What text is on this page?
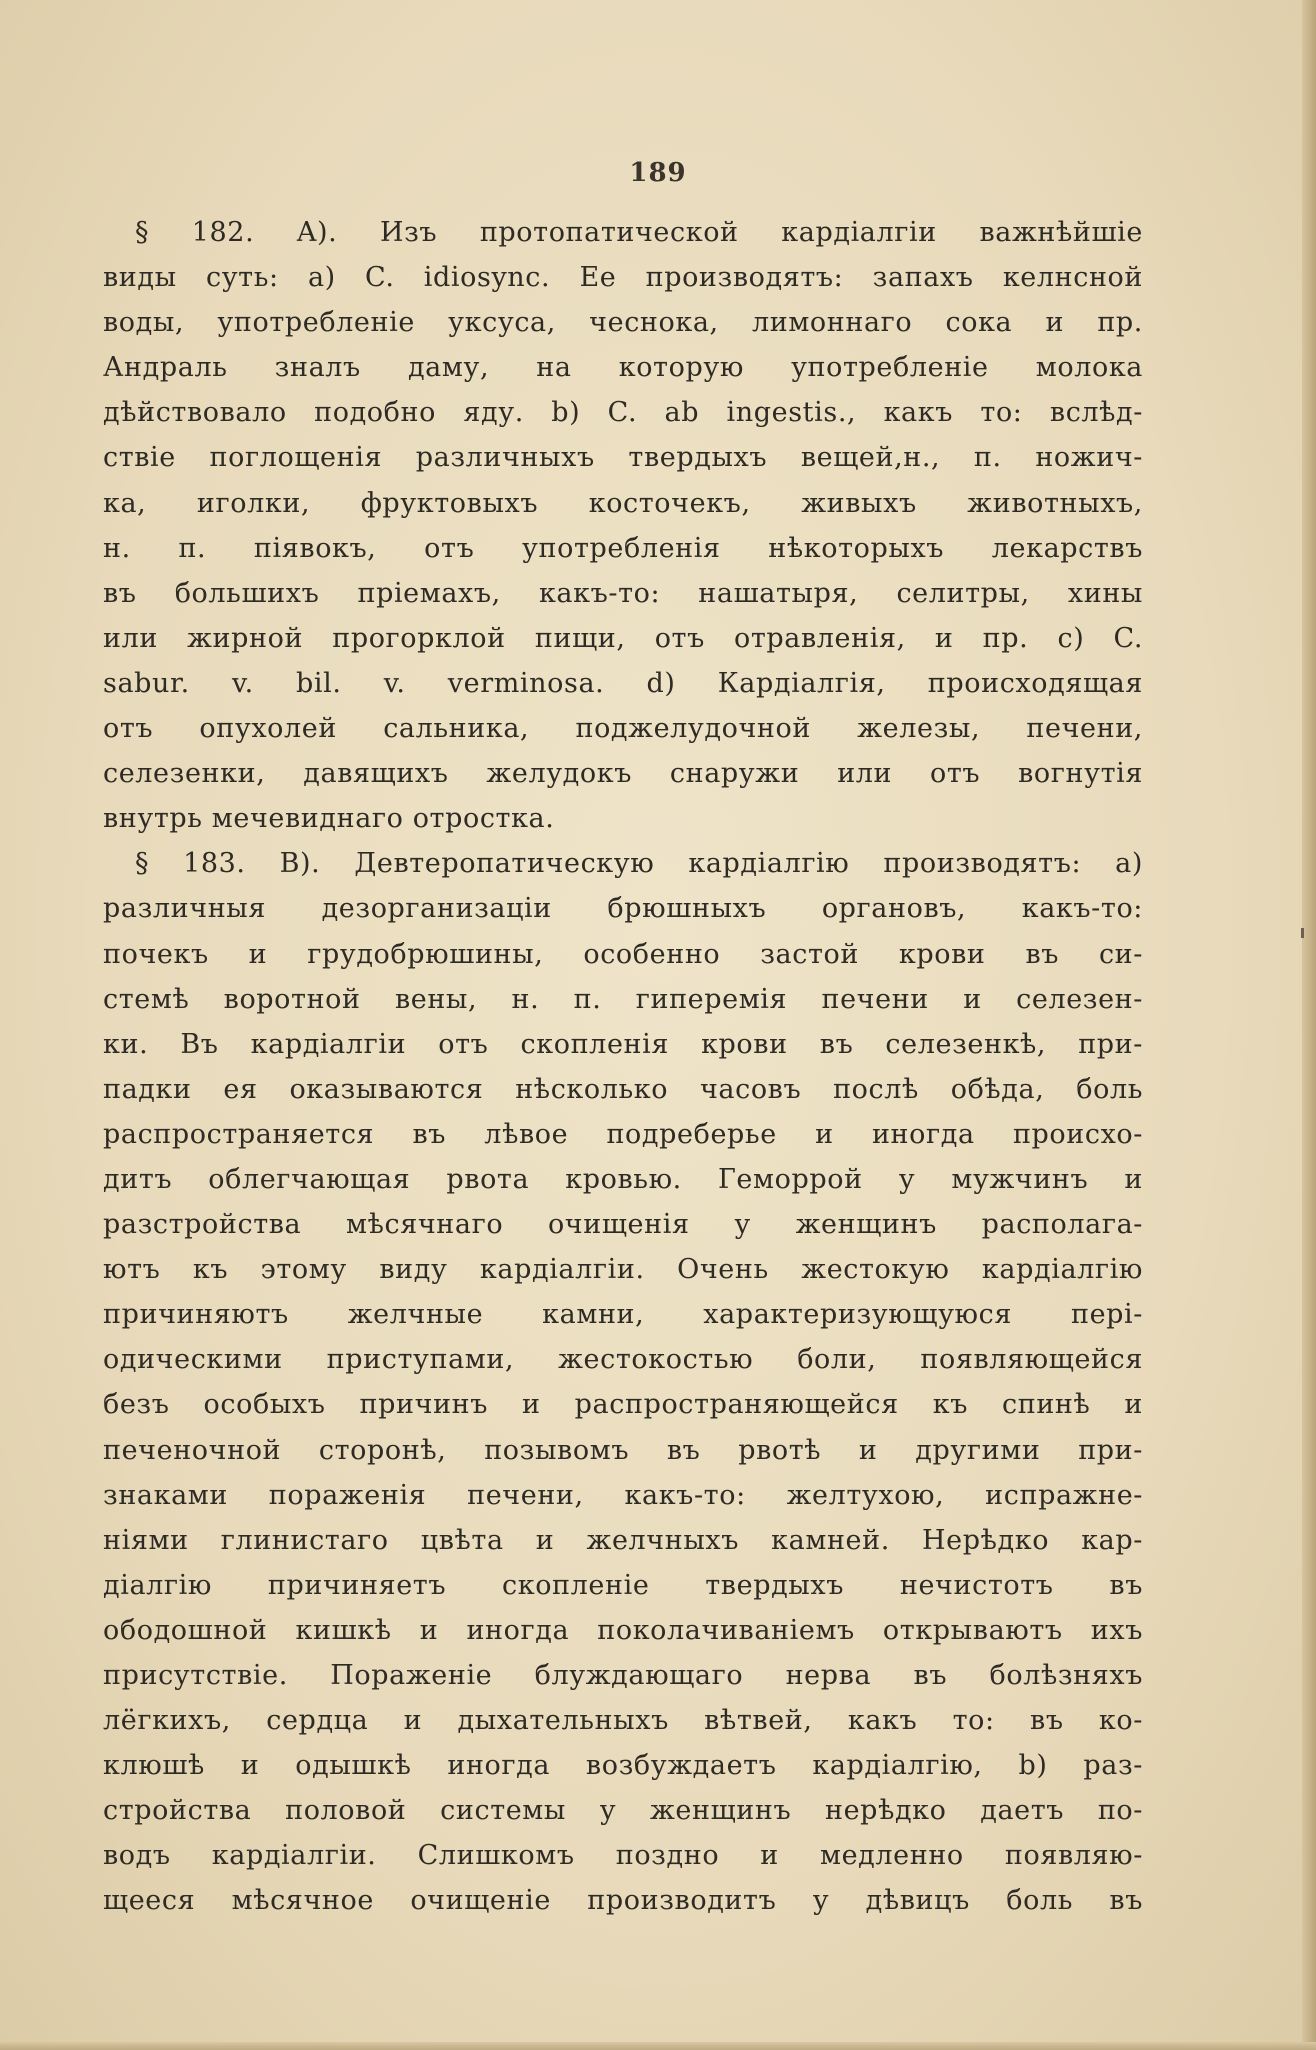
189
§ 182. A). Изъ протопатической кардіалгіи важнѣйшіе
виды суть: a) C. idiosync. Ее производятъ: запахъ келнсной
воды, употребленіе уксуса, чеснока, лимоннаго сока и пр.
Андраль зналъ даму, на которую употребленіе молока
дѣйствовало подобно яду. b) C. ab ingestis., какъ то: вслѣд-
ствіе поглощенія различныхъ твердыхъ вещей,н., п. ножич-
ка, иголки, фруктовыхъ косточекъ, живыхъ животныхъ,
н. п. піявокъ, отъ употребленія нѣкоторыхъ лекарствъ
въ большихъ пріемахъ, какъ-то: нашатыря, селитры, хины
или жирной прогорклой пищи, отъ отравленія, и пр. c) C.
sabur. v. bil. v. verminosa. d) Кардіалгія, происходящая
отъ опухолей сальника, поджелудочной железы, печени,
селезенки, давящихъ желудокъ снаружи или отъ вогнутія
внутрь мечевиднаго отростка.
§ 183. B). Девтеропатическую кардіалгію производятъ: a)
различныя дезорганизаціи брюшныхъ органовъ, какъ-то:
почекъ и грудобрюшины, особенно застой крови въ си-
стемѣ воротной вены, н. п. гиперемія печени и селезен-
ки. Въ кардіалгіи отъ скопленія крови въ селезенкѣ, при-
падки ея оказываются нѣсколько часовъ послѣ обѣда, боль
распространяется въ лѣвое подреберье и иногда происхо-
дитъ облегчающая рвота кровью. Геморрой у мужчинъ и
разстройства мѣсячнаго очищенія у женщинъ располага-
ютъ къ этому виду кардіалгіи. Очень жестокую кардіалгію
причиняютъ желчные камни, характеризующуюся пері-
одическими приступами, жестокостью боли, появляющейся
безъ особыхъ причинъ и распространяющейся къ спинѣ и
печеночной сторонѣ, позывомъ въ рвотѣ и другими при-
знаками пораженія печени, какъ-то: желтухою, испражне-
ніями глинистаго цвѣта и желчныхъ камней. Нерѣдко кар-
діалгію причиняетъ скопленіе твердыхъ нечистотъ въ
ободошной кишкѣ и иногда поколачиваніемъ открываютъ ихъ
присутствіе. Пораженіе блуждающаго нерва въ болѣзняхъ
лёгкихъ, сердца и дыхательныхъ вѣтвей, какъ то: въ ко-
клюшѣ и одышкѣ иногда возбуждаетъ кардіалгію, b) раз-
стройства половой системы у женщинъ нерѣдко даетъ по-
водъ кардіалгіи. Слишкомъ поздно и медленно появляю-
щееся мѣсячное очищеніе производитъ у дѣвицъ боль въ
